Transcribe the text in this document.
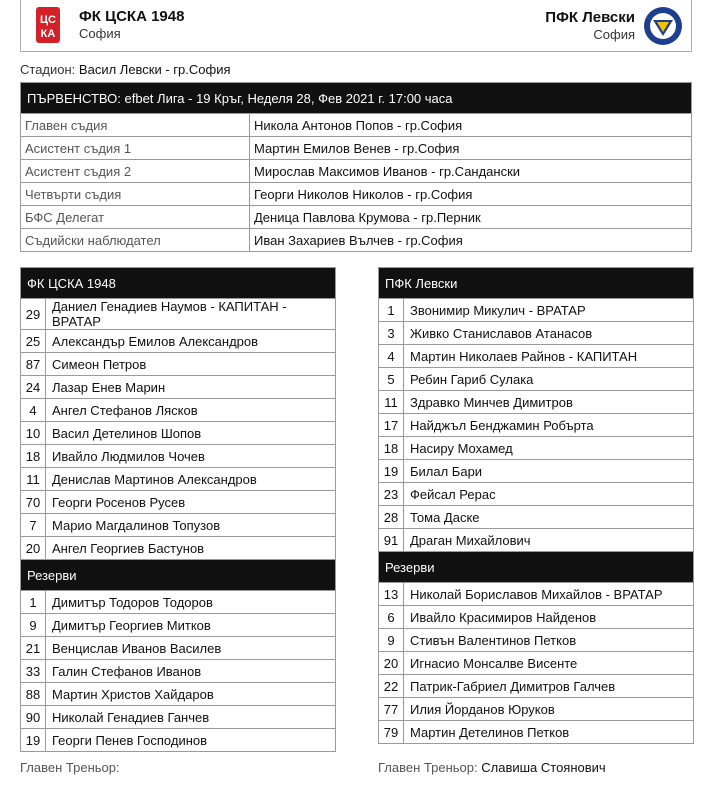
ЦС
КА
ФК ЦСКА 1948
София
ПФК Левски
София
Стадион: Васил Левски - гр.София
ПЪРВЕНСТВО: efbet Лига - 19 Кръг, Неделя 28, Фев 2021 г. 17:00 часа	
Главен съдия	Никола Антонов Попов - гр.София
Асистент съдия 1	Мартин Емилов Венев - гр.София
Асистент съдия 2	Мирослав Максимов Иванов - гр.Сандански
Четвърти съдия	Георги Николов Николов - гр.София
БФС Делегат	Деница Павлова Крумова - гр.Перник
Съдийски наблюдател	Иван Захариев Вълчев - гр.София
ФК ЦСКА 1948	
29	Даниел Генадиев Наумов - КАПИТАН - ВРАТАР
25	Александър Емилов Александров
87	Симеон Петров
24	Лазар Енев Марин
4	Ангел Стефанов Лясков
10	Васил Детелинов Шопов
18	Ивайло Людмилов Чочев
11	Денислав Мартинов Александров
70	Георги Росенов Русев
7	Марио Магдалинов Топузов
20	Ангел Георгиев Бастунов
Резерви	
1	Димитър Тодоров Тодоров
9	Димитър Георгиев Митков
21	Венцислав Иванов Василев
33	Галин Стефанов Иванов
88	Мартин Христов Хайдаров
90	Николай Генадиев Ганчев
19	Георги Пенев Господинов
ПФК Левски	
1	Звонимир Микулич - ВРАТАР
3	Живко Станиславов Атанасов
4	Мартин Николаев Райнов - КАПИТАН
5	Ребин Гариб Сулака
11	Здравко Минчев Димитров
17	Найджъл Бенджамин Робърта
18	Насиру Мохамед
19	Билал Бари
23	Фейсал Рерас
28	Тома Даске
91	Драган Михайлович
Резерви	
13	Николай Бориславов Михайлов - ВРАТАР
6	Ивайло Красимиров Найденов
9	Стивън Валентинов Петков
20	Игнасио Монсалве Висенте
22	Патрик-Габриел Димитров Галчев
77	Илия Йорданов Юруков
79	Мартин Детелинов Петков
Главен Треньор:	Главен Треньор: Славиша Стоянович
